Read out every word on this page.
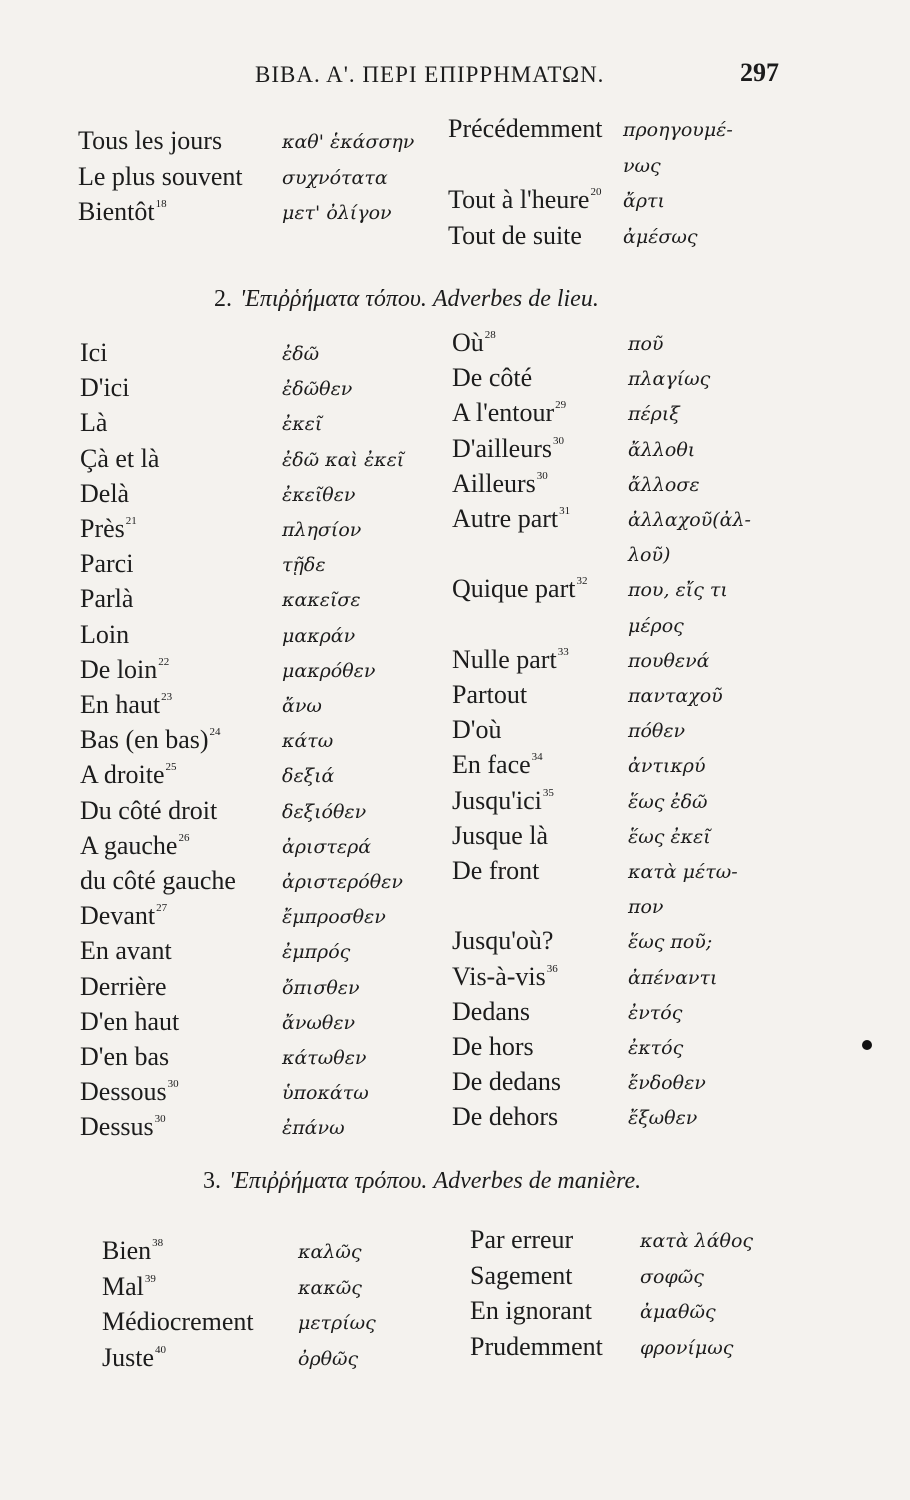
BIBA. A'. ΠΕΡΙ ΕΠΙΡΡΗΜΑΤΩΝ.	297
2. 'Επιῤῥήματα τόπου. Adverbes de lieu.
3. 'Επιῤῥήματα τρόπου. Adverbes de manière.
Tous les jours	καθ' ἑκάσσην
Le plus souvent συχνότατα
Bientôt$^{18}$	μετ' ὀλίγον
Précédemment προηγουμέ-
νως
Tout à l'heure$^{20}$ ἄρτι
Tout de suite ἀμέσως
Ici	ἐδῶ
D'ici	ἐδῶθεν
Là	ἐκεῖ
Çà et là	ἐδῶ καὶ ἐκεῖ
Delà	ἐκεῖθεν
Près$^{21}$	πλησίον
Parci	τῇδε
Parlà	κακεῖσε
Loin	μακράν
De loin$^{22}$	μακρόθεν
En haut$^{23}$	ἄνω
Bas (en bas)$^{24}$	κάτω
A droite$^{25}$	δεξιά
Du côté droit	δεξιόθεν
A gauche$^{26}$	ἀριστερά
du côté gauche ἀριστερόθεν
Devant$^{27}$	ἔμπροσθεν
En avant	ἐμπρός
Derrière	ὄπισθεν
D'en haut	ἄνωθεν
D'en bas	κάτωθεν
Dessous$^{30}$	ὑποκάτω
Dessus$^{30}$	ἐπάνω
$Où^{28}$	ποῦ
De côté	πλαγίως
A l'entour$^{29}$	πέριξ
D'ailleurs$^{30}$	ἄλλοθι
Ailleurs$^{30}$	ἄλλοσε
Autre part$^{31}$	ἀλλαχοῦ(ἀλ-
λοῦ)
Quique part$^{32}$ που, εἴς τι
μέρος
Nulle part$^{33}$	πουθενά
Partout	πανταχοῦ
D'où	πόθεν
En face$^{34}$	ἀντικρύ
Jusqu'ici$^{35}$	ἕως ἐδῶ
Jusque là	ἕως ἐκεῖ
De front	κατὰ μέτω-
πον
Jusqu'où?	ἕως ποῦ;
Vis-à-vis$^{36}$	ἀπέναντι
Dedans	ἐντός
De hors	ἐκτός
De dedans	ἔνδοθεν
De dehors	ἔξωθεν
Bien$^{38}$	καλῶς
Mal$^{39}$	κακῶς
Médiocrement μετρίως
Juste$^{40}$	ὀρθῶς
Par erreur	κατὰ λάθος
Sagement	σοφῶς
En ignorant	ἀμαθῶς
Prudemment φρονίμως
